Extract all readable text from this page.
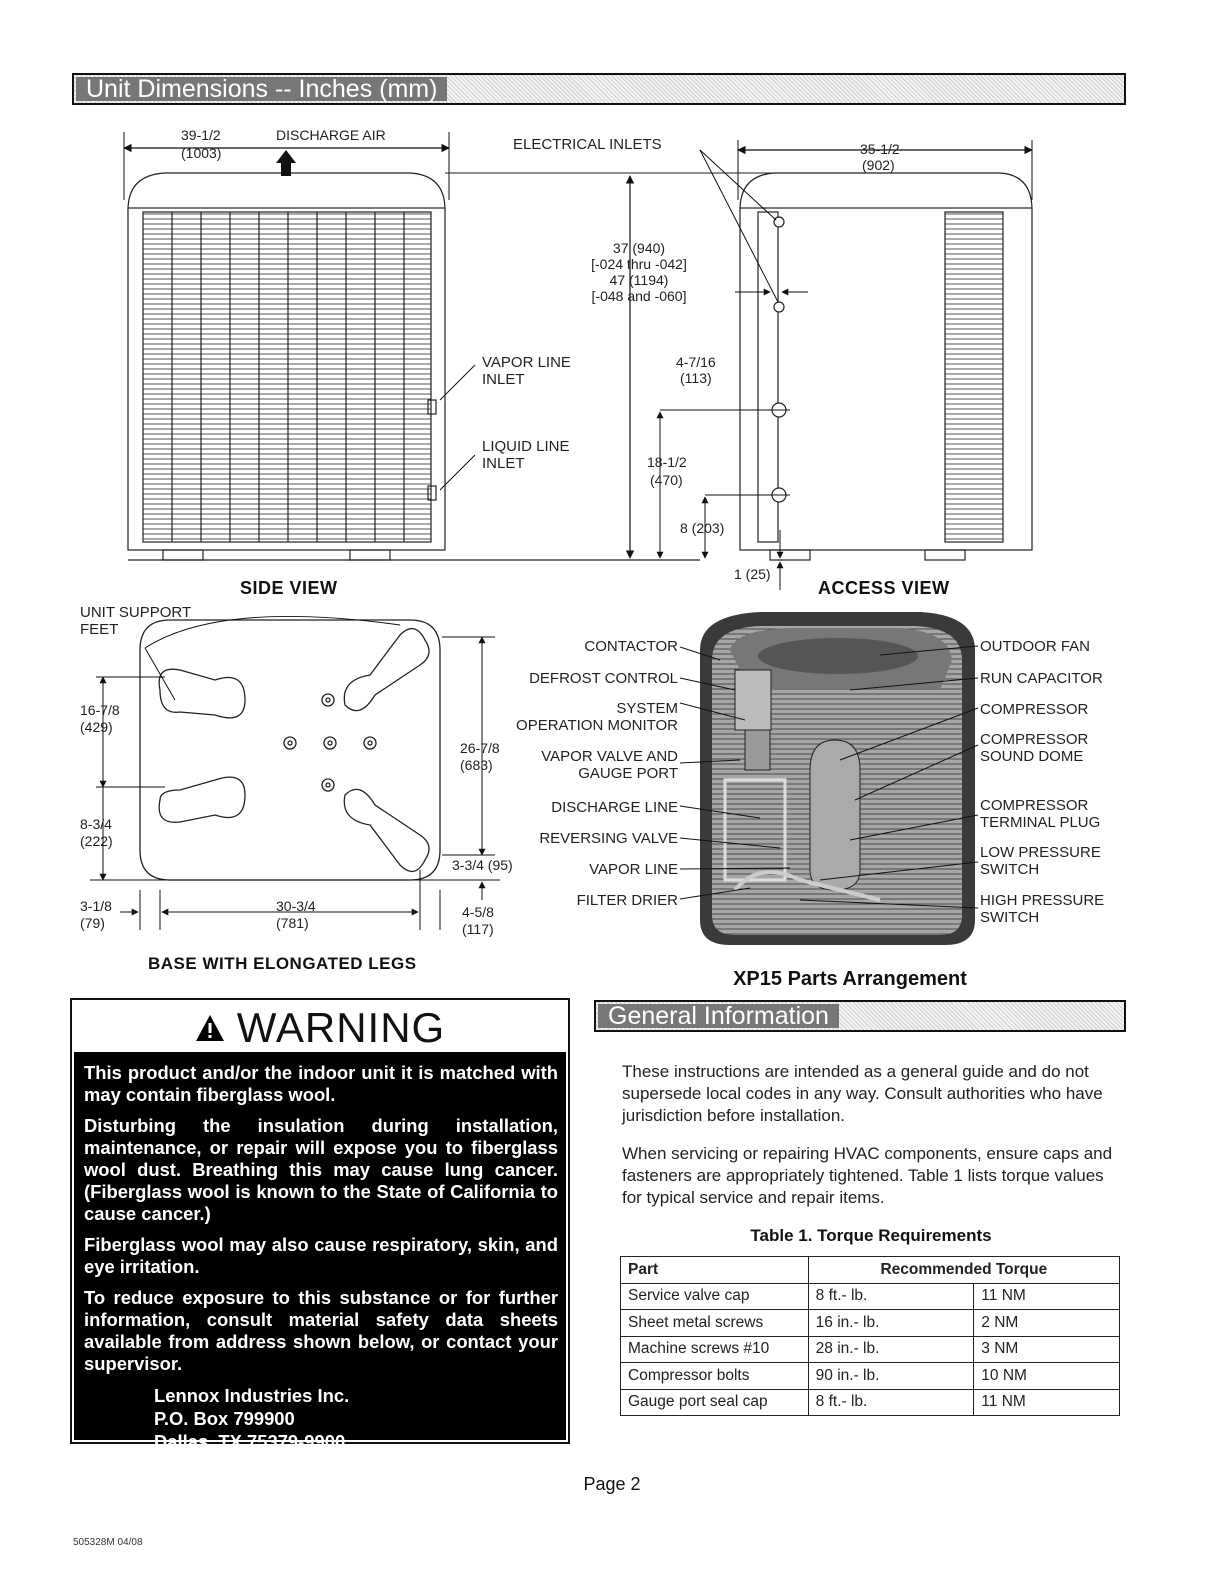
Unit Dimensions -- Inches (mm)
39-1/2
(1003)
DISCHARGE AIR
VAPOR LINE
INLET
LIQUID LINE
INLET
SIDE VIEW
ELECTRICAL INLETS
37 (940)
[-024 thru -042]
47 (1194)
[-048 and -060]
35-1/2
(902)
4-7/16
(113)
18-1/2
(470)
8 (203)
1 (25)
ACCESS VIEW
UNIT SUPPORT
FEET
16-7/8
(429)
8-3/4
(222)
3-1/8
(79)
30-3/4
(781)
26-7/8
(683)
3-3/4 (95)
4-5/8
(117)
BASE WITH ELONGATED LEGS
CONTACTOR
DEFROST CONTROL
SYSTEM
OPERATION MONITOR
VAPOR VALVE AND
GAUGE PORT
DISCHARGE LINE
REVERSING VALVE
VAPOR LINE
FILTER DRIER
OUTDOOR FAN
RUN CAPACITOR
COMPRESSOR
COMPRESSOR
SOUND DOME
COMPRESSOR
TERMINAL PLUG
LOW PRESSURE
SWITCH
HIGH PRESSURE
SWITCH
XP15 Parts Arrangement
WARNING

This product and/or the indoor unit it is matched with may contain fiberglass wool.

Disturbing the insulation during installation, maintenance, or repair will expose you to fiberglass wool dust. Breathing this may cause lung cancer. (Fiberglass wool is known to the State of California to cause cancer.)

Fiberglass wool may also cause respiratory, skin, and eye irritation.

To reduce exposure to this substance or for further information, consult material safety data sheets available from address shown below, or contact your supervisor.

Lennox Industries Inc.
P.O. Box 799900
Dallas, TX 75379-9900
General Information
These instructions are intended as a general guide and do not supersede local codes in any way. Consult authorities who have jurisdiction before installation.
When servicing or repairing HVAC components, ensure caps and fasteners are appropriately tightened. Table 1 lists torque values for typical service and repair items.
Table 1. Torque Requirements
Part	Recommended Torque	
Service valve cap	8 ft.- lb.	11 NM
Sheet metal screws	16 in.- lb.	2 NM
Machine screws #10	28 in.- lb.	3 NM
Compressor bolts	90 in.- lb.	10 NM
Gauge port seal cap	8 ft.- lb.	11 NM
Page 2
505328M 04/08
